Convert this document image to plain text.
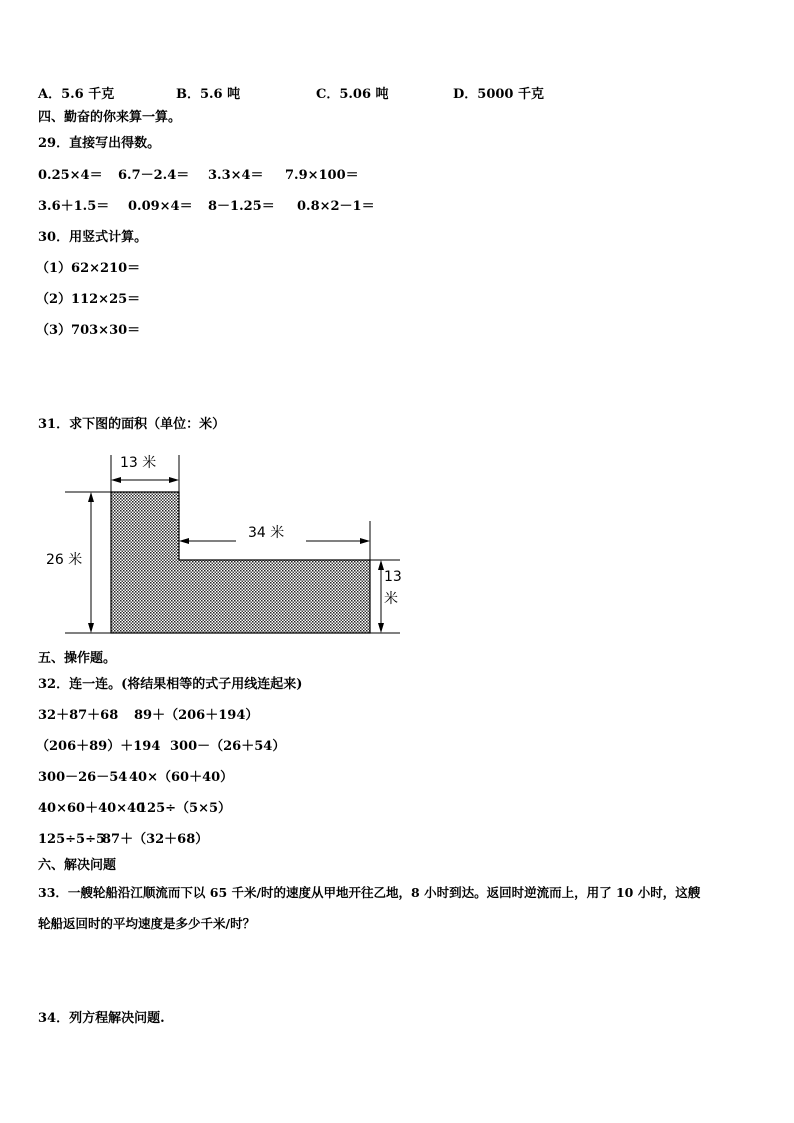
A．5.6 千克	B．5.6 吨	C．5.06 吨	D．5000 千克
四、勤奋的你来算一算。
29．直接写出得数。
0.25×4＝ 6.7－2.4＝ 3.3×4＝ 7.9×100＝
3.6＋1.5＝ 0.09×4＝ 8－1.25＝ 0.8×2－1＝
30．用竖式计算。
（1）62×210＝
（2）112×25＝
（3）703×30＝
31．求下图的面积（单位：米）
13 米
26 米
34 米
13
米
五、操作题。
32．连一连。(将结果相等的式子用线连起来)
32＋87＋68 89＋（206＋194）
（206＋89）＋194 300－（26＋54）
300－26－54 40×（60＋40）
40×60＋40×40
125÷（5×5）
125÷5÷5
87＋（32＋68）
六、解决问题
33．一艘轮船沿江顺流而下以 65 千米/时的速度从甲地开往乙地，8 小时到达。返回时逆流而上，用了 10 小时，这艘
轮船返回时的平均速度是多少千米/时？
34．列方程解决问题.
